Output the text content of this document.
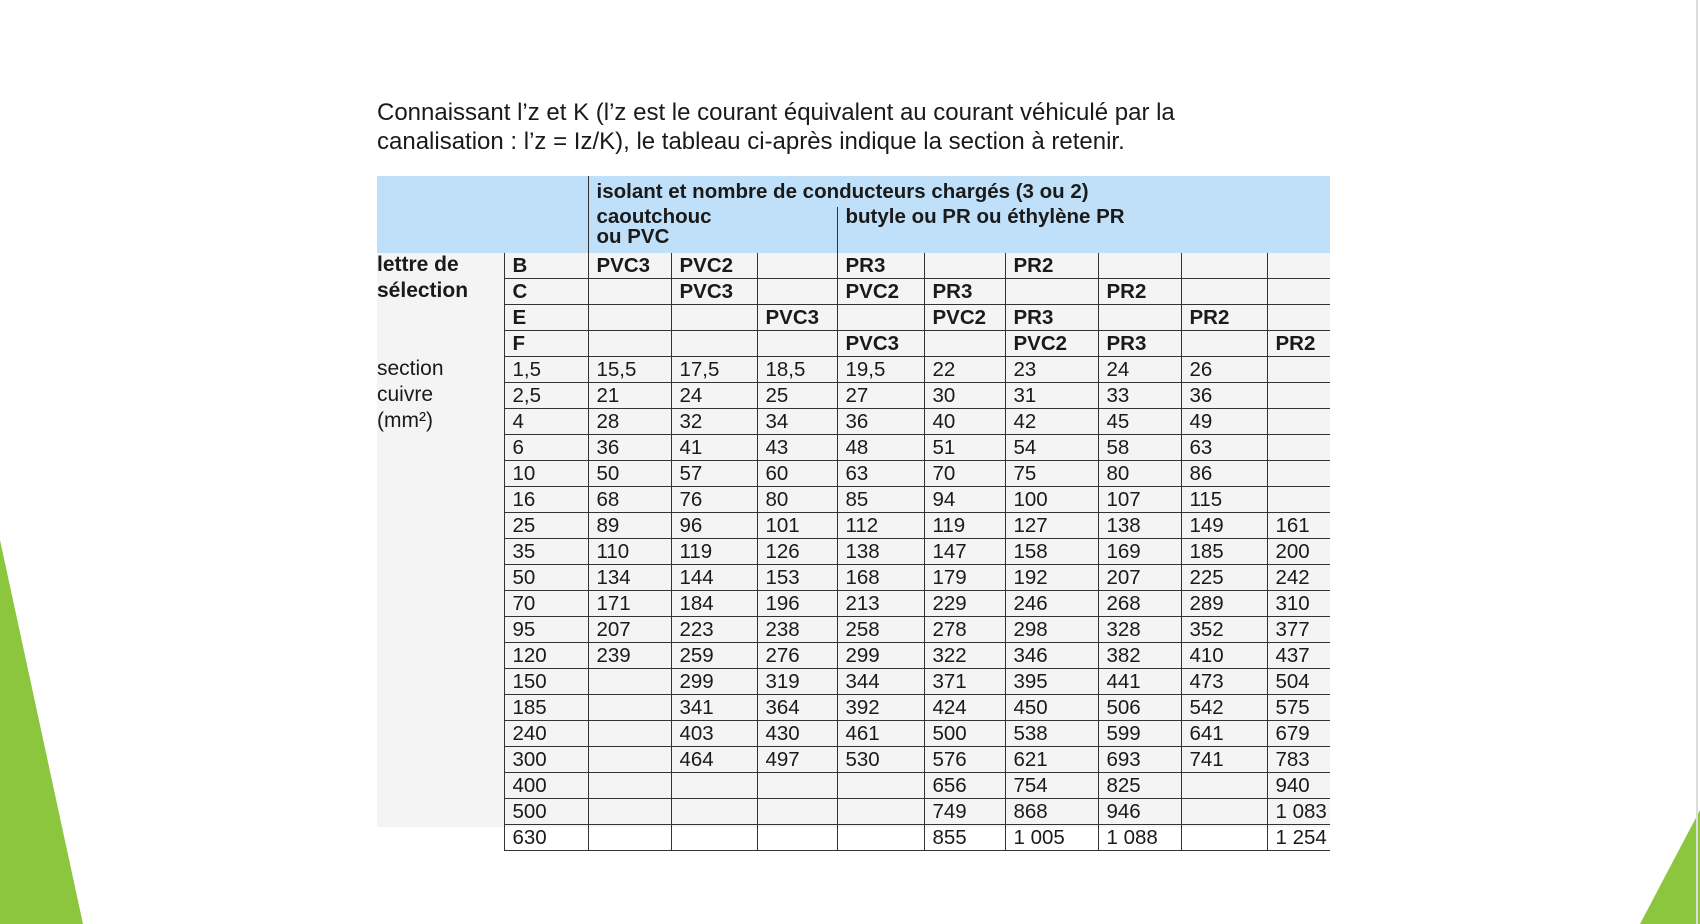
Connaissant l’z et K (l’z est le courant équivalent au courant véhiculé par la canalisation : l’z = Iz/K), le tableau ci-après indique la section à retenir.
		isolant et nombre de conducteurs chargés (3 ou 2)								
		caoutchouc
ou PVC			butyle ou PR ou éthylène PR					
lettre de	B	PVC3	PVC2		PR3		PR2			
sélection	C		PVC3		PVC2	PR3		PR2		
	E			PVC3		PVC2	PR3		PR2	
	F				PVC3		PVC2	PR3		PR2
section	1,5	15,5	17,5	18,5	19,5	22	23	24	26	
cuivre	2,5	21	24	25	27	30	31	33	36	
(mm²)	4	28	32	34	36	40	42	45	49	
	6	36	41	43	48	51	54	58	63	
	10	50	57	60	63	70	75	80	86	
	16	68	76	80	85	94	100	107	115	
	25	89	96	101	112	119	127	138	149	161
	35	110	119	126	138	147	158	169	185	200
	50	134	144	153	168	179	192	207	225	242
	70	171	184	196	213	229	246	268	289	310
	95	207	223	238	258	278	298	328	352	377
	120	239	259	276	299	322	346	382	410	437
	150		299	319	344	371	395	441	473	504
	185		341	364	392	424	450	506	542	575
	240		403	430	461	500	538	599	641	679
	300		464	497	530	576	621	693	741	783
	400					656	754	825		940
	500					749	868	946		1 083
	630					855	1 005	1 088		1 254
